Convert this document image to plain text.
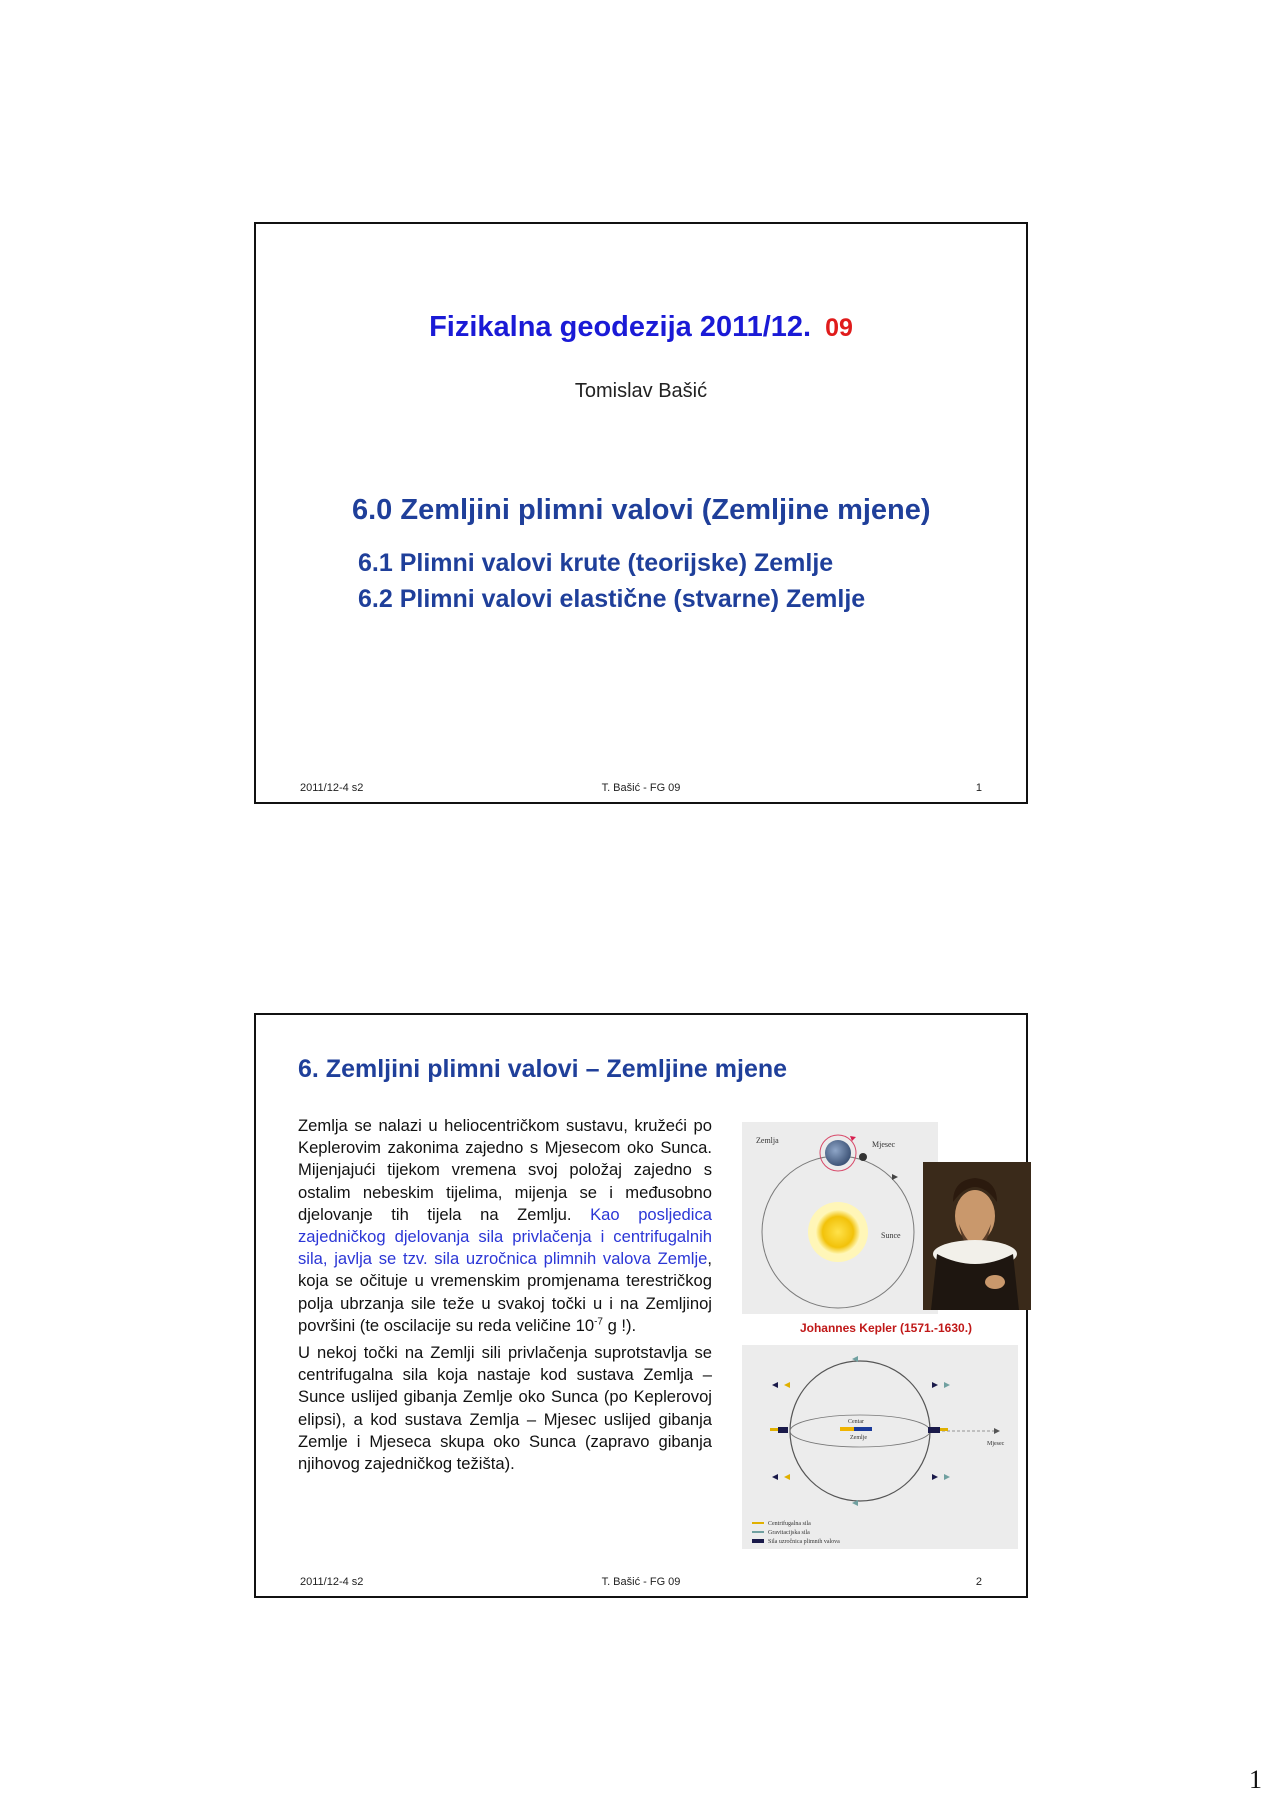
Fizikalna geodezija 2011/12. 09
Tomislav Bašić
6.0 Zemljini plimni valovi (Zemljine mjene)
6.1 Plimni valovi krute (teorijske) Zemlje
6.2 Plimni valovi elastične (stvarne) Zemlje
2011/12-4 s2	T. Bašić - FG 09	1
6. Zemljini plimni valovi – Zemljine mjene

Zemlja se nalazi u heliocentričkom sustavu, kružeći po Keplerovim zakonima zajedno s Mjesecom oko Sunca. Mijenjajući tijekom vremena svoj položaj zajedno s ostalim nebeskim tijelima, mijenja se i međusobno djelovanje tih tijela na Zemlju. Kao posljedica zajedničkog djelovanja sila privlačenja i centrifugalnih sila, javlja se tzv. sila uzročnica plimnih valova Zemlje, koja se očituje u vremenskim promjenama terestričkog polja ubrzanja sile teže u svakoj točki u i na Zemljinoj površini (te oscilacije su reda veličine $10^{-7}$ g !).

U nekoj točki na Zemlji sili privlačenja suprotstavlja se centrifugalna sila koja nastaje kod sustava Zemlja – Sunce uslijed gibanja Zemlje oko Sunca (po Keplerovoj elipsi), a kod sustava Zemlja – Mjesec uslijed gibanja Zemlje i Mjeseca skupa oko Sunca (zapravo gibanja njihovog zajedničkog težišta).

Zemlja	Mjesec
Sunce
Johannes Kepler (1571.-1630.)
Centar
Zemlje
Mjesec
Centrifugalna sila
Gravitacijska sila
Sila uzročnica plimnih valova
2011/12-4 s2	T. Bašić - FG 09	2
1
